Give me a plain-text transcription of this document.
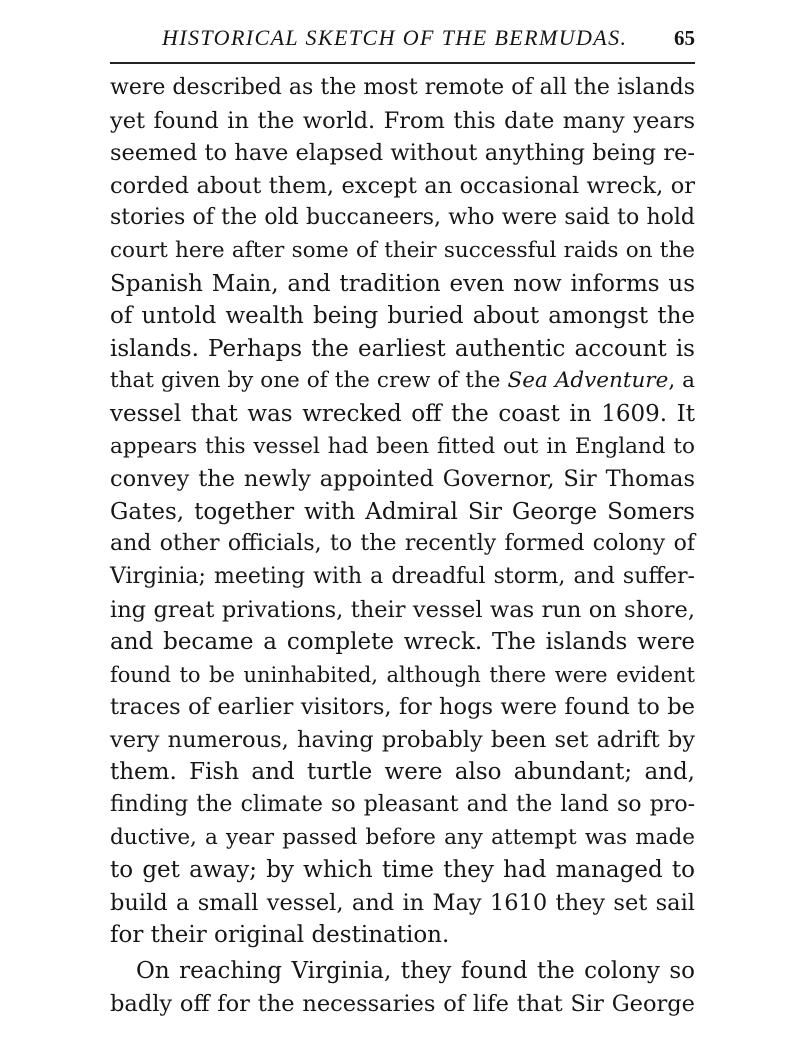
HISTORICAL SKETCH OF THE BERMUDAS. 65
were described as the most remote of all the islands
yet found in the world. From this date many years
seemed to have elapsed without anything being re-
corded about them, except an occasional wreck, or
stories of the old buccaneers, who were said to hold
court here after some of their successful raids on the
Spanish Main, and tradition even now informs us
of untold wealth being buried about amongst the
islands. Perhaps the earliest authentic account is
that given by one of the crew of the Sea Adventure, a
vessel that was wrecked off the coast in 1609. It
appears this vessel had been fitted out in England to
convey the newly appointed Governor, Sir Thomas
Gates, together with Admiral Sir George Somers
and other officials, to the recently formed colony of
Virginia; meeting with a dreadful storm, and suffer-
ing great privations, their vessel was run on shore,
and became a complete wreck. The islands were
found to be uninhabited, although there were evident
traces of earlier visitors, for hogs were found to be
very numerous, having probably been set adrift by
them. Fish and turtle were also abundant; and,
finding the climate so pleasant and the land so pro-
ductive, a year passed before any attempt was made
to get away; by which time they had managed to
build a small vessel, and in May 1610 they set sail
for their original destination.
On reaching Virginia, they found the colony so
badly off for the necessaries of life that Sir George
